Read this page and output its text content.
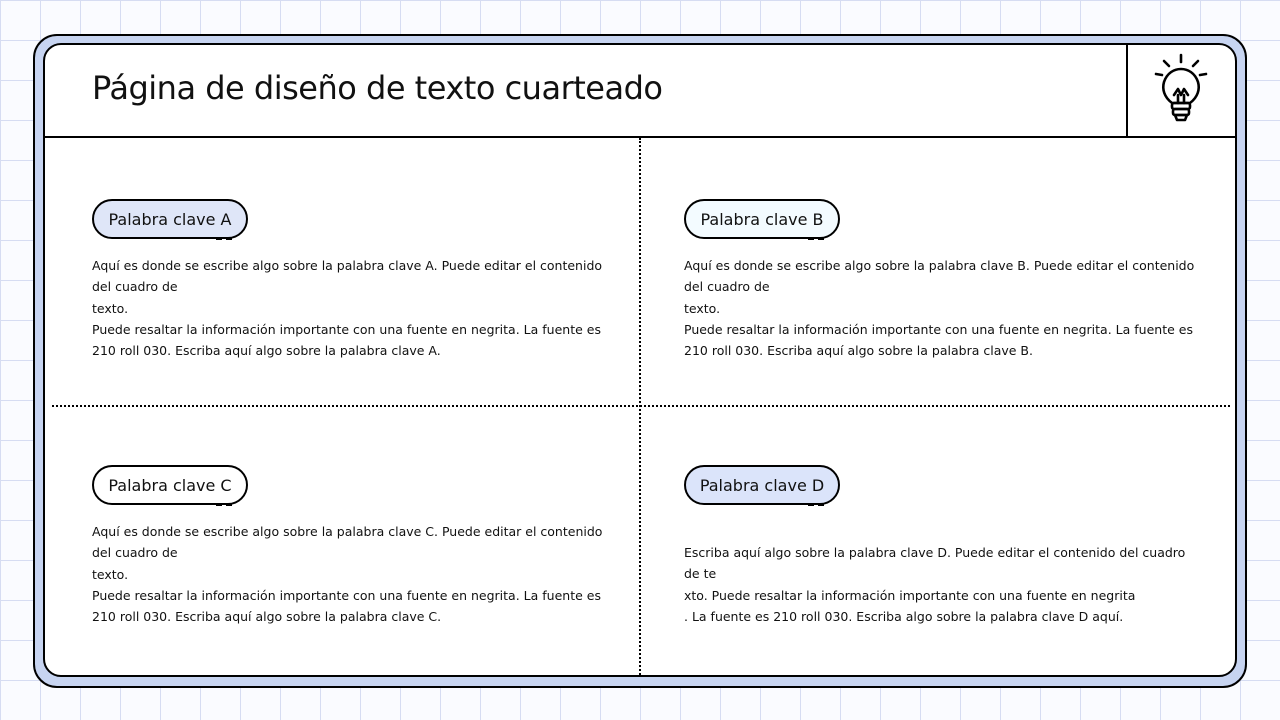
Página de diseño de texto cuarteado
Palabra clave A

Aquí es donde se escribe algo sobre la palabra clave A. Puede editar el contenido del cuadro de
texto.
Puede resaltar la información importante con una fuente en negrita. La fuente es 210 roll 030. Escriba aquí algo sobre la palabra clave A.

Palabra clave B

Aquí es donde se escribe algo sobre la palabra clave B. Puede editar el contenido del cuadro de
texto.
Puede resaltar la información importante con una fuente en negrita. La fuente es 210 roll 030. Escriba aquí algo sobre la palabra clave B.

Palabra clave C

Aquí es donde se escribe algo sobre la palabra clave C. Puede editar el contenido del cuadro de
texto.
Puede resaltar la información importante con una fuente en negrita. La fuente es 210 roll 030. Escriba aquí algo sobre la palabra clave C.

Palabra clave D

Escriba aquí algo sobre la palabra clave D. Puede editar el contenido del cuadro de te
xto. Puede resaltar la información importante con una fuente en negrita
. La fuente es 210 roll 030. Escriba algo sobre la palabra clave D aquí.
